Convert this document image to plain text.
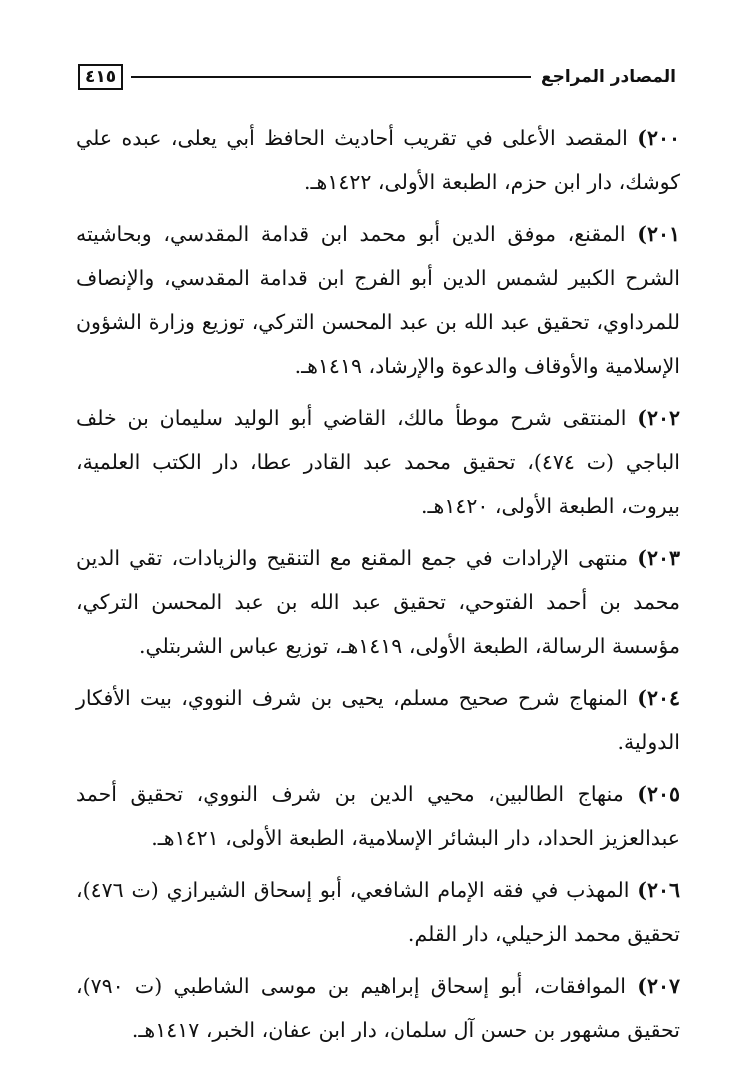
المصادر المراجع
٤١٥

٢٠٠) المقصد الأعلى في تقريب أحاديث الحافظ أبي يعلى، عبده علي كوشك، دار ابن حزم، الطبعة الأولى، ١٤٢٢هـ.

٢٠١) المقنع، موفق الدين أبو محمد ابن قدامة المقدسي، وبحاشيته الشرح الكبير لشمس الدين أبو الفرج ابن قدامة المقدسي، والإنصاف للمرداوي، تحقيق عبد الله بن عبد المحسن التركي، توزيع وزارة الشؤون الإسلامية والأوقاف والدعوة والإرشاد، ١٤١٩هـ.

٢٠٢) المنتقى شرح موطأ مالك، القاضي أبو الوليد سليمان بن خلف الباجي (ت ٤٧٤)، تحقيق محمد عبد القادر عطا، دار الكتب العلمية، بيروت، الطبعة الأولى، ١٤٢٠هـ.

٢٠٣) منتهى الإرادات في جمع المقنع مع التنقيح والزيادات، تقي الدين محمد بن أحمد الفتوحي، تحقيق عبد الله بن عبد المحسن التركي، مؤسسة الرسالة، الطبعة الأولى، ١٤١٩هـ، توزيع عباس الشربتلي.

٢٠٤) المنهاج شرح صحيح مسلم، يحيى بن شرف النووي، بيت الأفكار الدولية.

٢٠٥) منهاج الطالبين، محيي الدين بن شرف النووي، تحقيق أحمد عبدالعزيز الحداد، دار البشائر الإسلامية، الطبعة الأولى، ١٤٢١هـ.

٢٠٦) المهذب في فقه الإمام الشافعي، أبو إسحاق الشيرازي (ت ٤٧٦)، تحقيق محمد الزحيلي، دار القلم.

٢٠٧) الموافقات، أبو إسحاق إبراهيم بن موسى الشاطبي (ت ٧٩٠)، تحقيق مشهور بن حسن آل سلمان، دار ابن عفان، الخبر، ١٤١٧هـ.
